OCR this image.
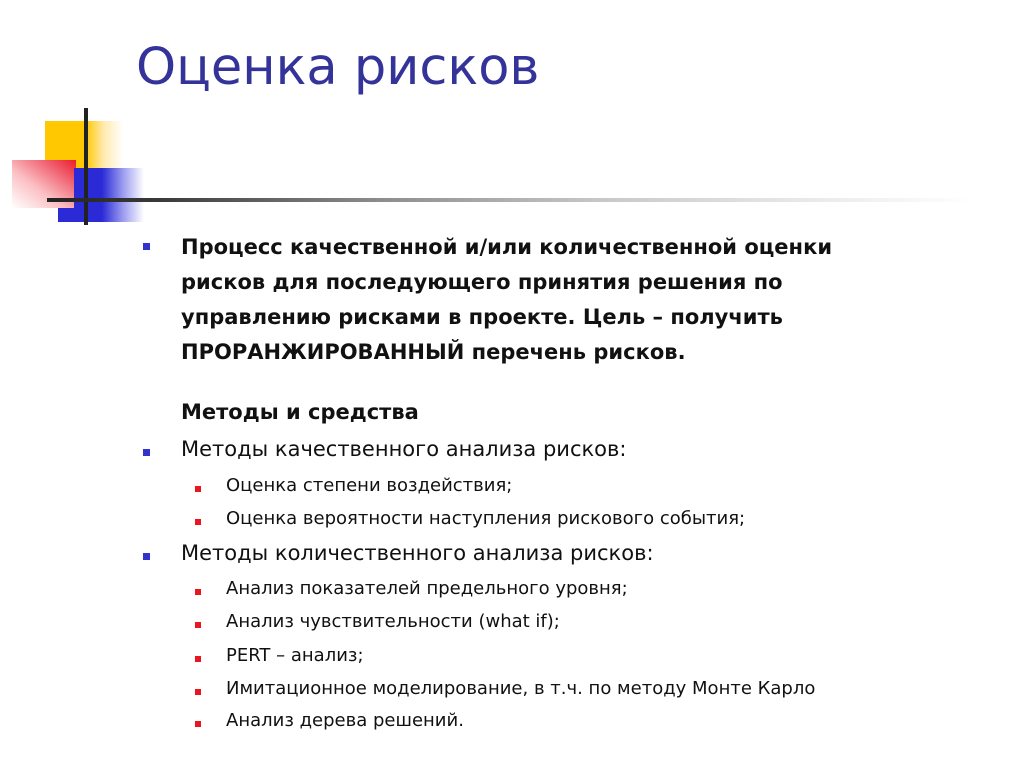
Оценка рисков

Процесс качественной и/или количественной оценки
рисков для последующего принятия решения по
управлению рисками в проекте. Цель – получить
ПРОРАНЖИРОВАННЫЙ перечень рисков.

Методы и средства

Методы качественного анализа рисков:

Оценка степени воздействия;

Оценка вероятности наступления рискового события;

Методы количественного анализа рисков:

Анализ показателей предельного уровня;

Анализ чувствительности (what if);

PERT – анализ;

Имитационное моделирование, в т.ч. по методу Монте Карло

Анализ дерева решений.
